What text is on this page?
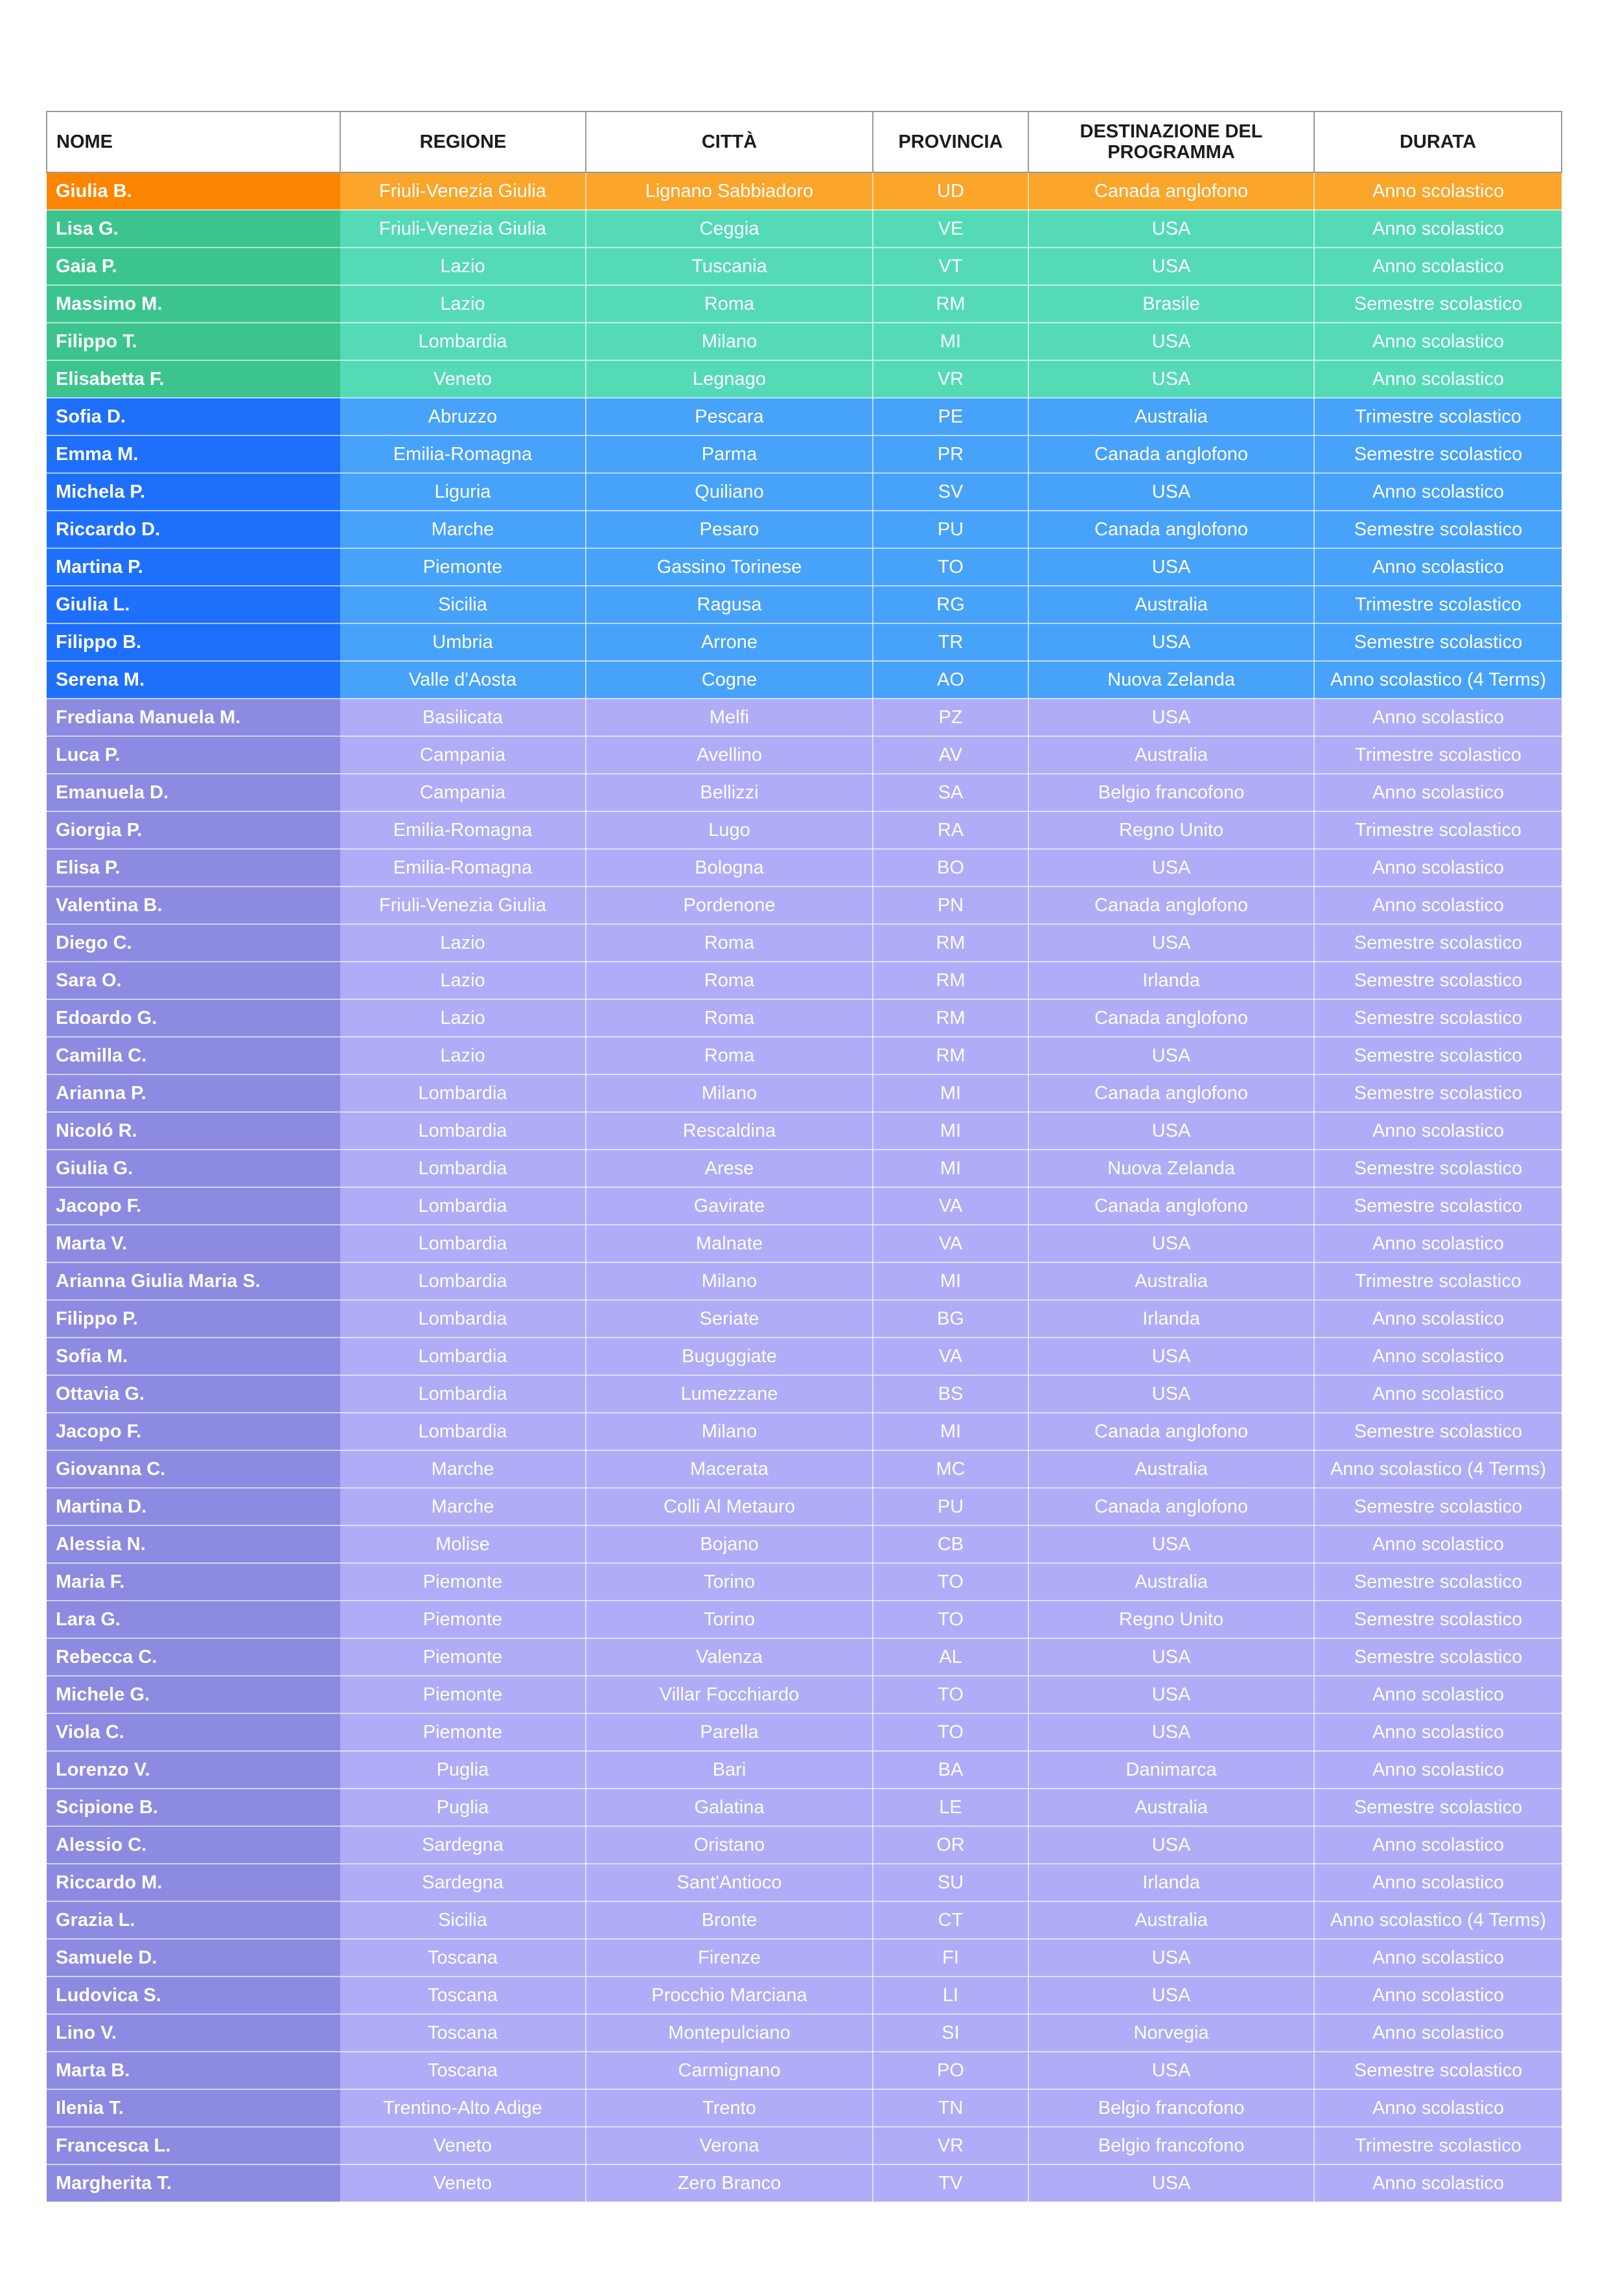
NOME	REGIONE	CITTÀ	PROVINCIA	DESTINAZIONE DEL PROGRAMMA	DURATA
Giulia B.	Friuli-Venezia Giulia	Lignano Sabbiadoro	UD	Canada anglofono	Anno scolastico
Lisa G.	Friuli-Venezia Giulia	Ceggia	VE	USA	Anno scolastico
Gaia P.	Lazio	Tuscania	VT	USA	Anno scolastico
Massimo M.	Lazio	Roma	RM	Brasile	Semestre scolastico
Filippo T.	Lombardia	Milano	MI	USA	Anno scolastico
Elisabetta F.	Veneto	Legnago	VR	USA	Anno scolastico
Sofia D.	Abruzzo	Pescara	PE	Australia	Trimestre scolastico
Emma M.	Emilia-Romagna	Parma	PR	Canada anglofono	Semestre scolastico
Michela P.	Liguria	Quiliano	SV	USA	Anno scolastico
Riccardo D.	Marche	Pesaro	PU	Canada anglofono	Semestre scolastico
Martina P.	Piemonte	Gassino Torinese	TO	USA	Anno scolastico
Giulia L.	Sicilia	Ragusa	RG	Australia	Trimestre scolastico
Filippo B.	Umbria	Arrone	TR	USA	Semestre scolastico
Serena M.	Valle d'Aosta	Cogne	AO	Nuova Zelanda	Anno scolastico (4 Terms)
Frediana Manuela M.	Basilicata	Melfi	PZ	USA	Anno scolastico
Luca P.	Campania	Avellino	AV	Australia	Trimestre scolastico
Emanuela D.	Campania	Bellizzi	SA	Belgio francofono	Anno scolastico
Giorgia P.	Emilia-Romagna	Lugo	RA	Regno Unito	Trimestre scolastico
Elisa P.	Emilia-Romagna	Bologna	BO	USA	Anno scolastico
Valentina B.	Friuli-Venezia Giulia	Pordenone	PN	Canada anglofono	Anno scolastico
Diego C.	Lazio	Roma	RM	USA	Semestre scolastico
Sara O.	Lazio	Roma	RM	Irlanda	Semestre scolastico
Edoardo G.	Lazio	Roma	RM	Canada anglofono	Semestre scolastico
Camilla C.	Lazio	Roma	RM	USA	Semestre scolastico
Arianna P.	Lombardia	Milano	MI	Canada anglofono	Semestre scolastico
Nicoló R.	Lombardia	Rescaldina	MI	USA	Anno scolastico
Giulia G.	Lombardia	Arese	MI	Nuova Zelanda	Semestre scolastico
Jacopo F.	Lombardia	Gavirate	VA	Canada anglofono	Semestre scolastico
Marta V.	Lombardia	Malnate	VA	USA	Anno scolastico
Arianna Giulia Maria S.	Lombardia	Milano	MI	Australia	Trimestre scolastico
Filippo P.	Lombardia	Seriate	BG	Irlanda	Anno scolastico
Sofia M.	Lombardia	Buguggiate	VA	USA	Anno scolastico
Ottavia G.	Lombardia	Lumezzane	BS	USA	Anno scolastico
Jacopo F.	Lombardia	Milano	MI	Canada anglofono	Semestre scolastico
Giovanna C.	Marche	Macerata	MC	Australia	Anno scolastico (4 Terms)
Martina D.	Marche	Colli Al Metauro	PU	Canada anglofono	Semestre scolastico
Alessia N.	Molise	Bojano	CB	USA	Anno scolastico
Maria F.	Piemonte	Torino	TO	Australia	Semestre scolastico
Lara G.	Piemonte	Torino	TO	Regno Unito	Semestre scolastico
Rebecca C.	Piemonte	Valenza	AL	USA	Semestre scolastico
Michele G.	Piemonte	Villar Focchiardo	TO	USA	Anno scolastico
Viola C.	Piemonte	Parella	TO	USA	Anno scolastico
Lorenzo V.	Puglia	Bari	BA	Danimarca	Anno scolastico
Scipione B.	Puglia	Galatina	LE	Australia	Semestre scolastico
Alessio C.	Sardegna	Oristano	OR	USA	Anno scolastico
Riccardo M.	Sardegna	Sant'Antioco	SU	Irlanda	Anno scolastico
Grazia L.	Sicilia	Bronte	CT	Australia	Anno scolastico (4 Terms)
Samuele D.	Toscana	Firenze	FI	USA	Anno scolastico
Ludovica S.	Toscana	Procchio Marciana	LI	USA	Anno scolastico
Lino V.	Toscana	Montepulciano	SI	Norvegia	Anno scolastico
Marta B.	Toscana	Carmignano	PO	USA	Semestre scolastico
Ilenia T.	Trentino-Alto Adige	Trento	TN	Belgio francofono	Anno scolastico
Francesca L.	Veneto	Verona	VR	Belgio francofono	Trimestre scolastico
Margherita T.	Veneto	Zero Branco	TV	USA	Anno scolastico
